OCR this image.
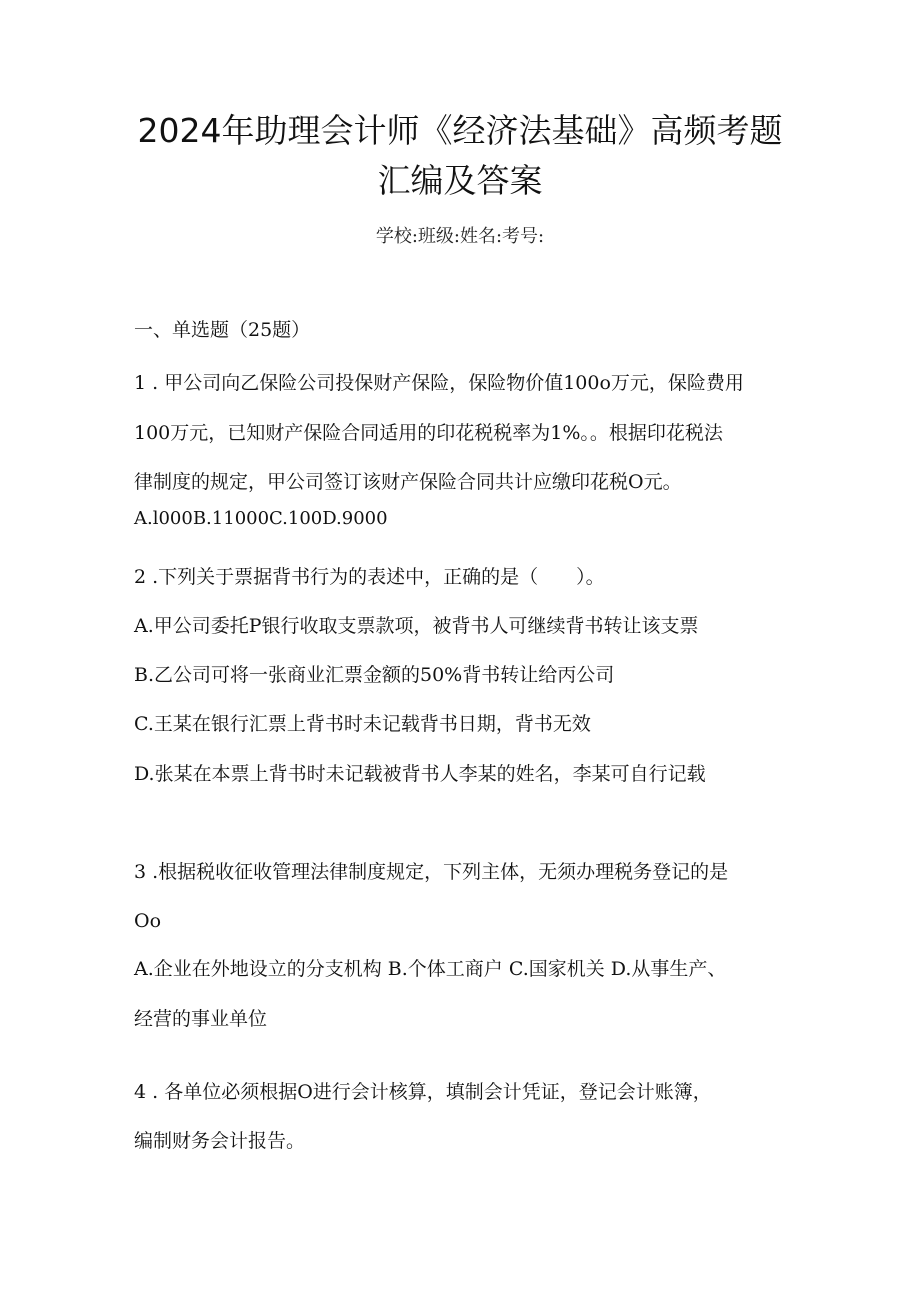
2024年助理会计师《经济法基础》高频考题
汇编及答案
学校:班级:姓名:考号:
一、单选题（25题）
1 . 甲公司向乙保险公司投保财产保险，保险物价值100o万元，保险费用
100万元，已知财产保险合同适用的印花税税率为1%。。根据印花税法
律制度的规定，甲公司签订该财产保险合同共计应缴印花税O元。
A.l000B.11000C.100D.9000
2 .下列关于票据背书行为的表述中，正确的是（　　）。
A.甲公司委托P银行收取支票款项，被背书人可继续背书转让该支票
B.乙公司可将一张商业汇票金额的50%背书转让给丙公司
C.王某在银行汇票上背书时未记载背书日期，背书无效
D.张某在本票上背书时未记载被背书人李某的姓名，李某可自行记载
3 .根据税收征收管理法律制度规定，下列主体，无须办理税务登记的是
Oo
A.企业在外地设立的分支机构 B.个体工商户 C.国家机关 D.从事生产、
经营的事业单位
4 . 各单位必须根据O进行会计核算，填制会计凭证，登记会计账簿，
编制财务会计报告。
